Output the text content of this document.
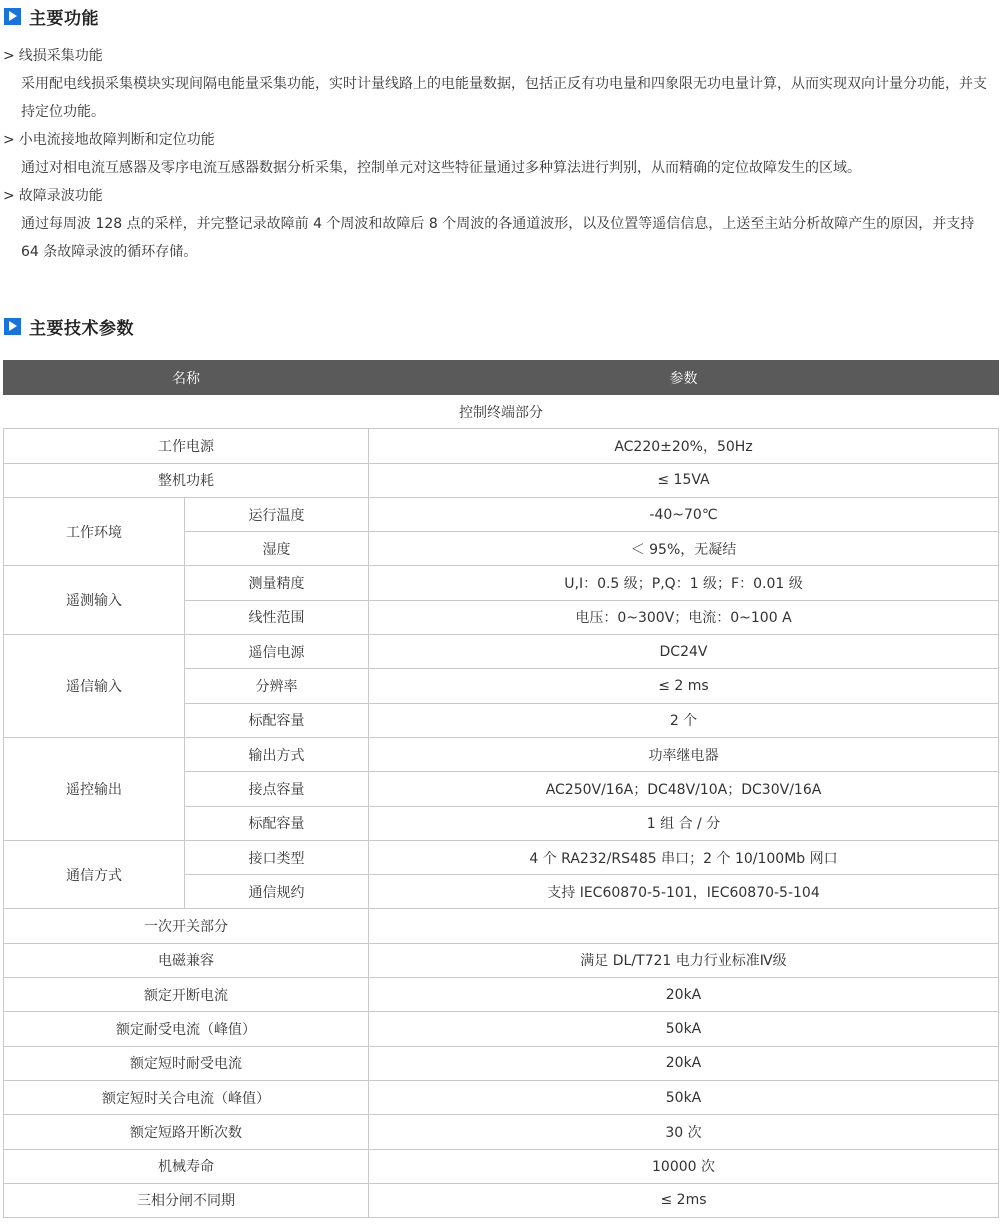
主要功能
> 线损采集功能
采用配电线损采集模块实现间隔电能量采集功能，实时计量线路上的电能量数据，包括正反有功电量和四象限无功电量计算，从而实现双向计量分功能，并支持定位功能。
> 小电流接地故障判断和定位功能
通过对相电流互感器及零序电流互感器数据分析采集，控制单元对这些特征量通过多种算法进行判别，从而精确的定位故障发生的区域。
> 故障录波功能
通过每周波 128 点的采样，并完整记录故障前 4 个周波和故障后 8 个周波的各通道波形，以及位置等遥信信息，上送至主站分析故障产生的原因，并支持 64 条故障录波的循环存储。
主要技术参数
名称		参数
控制终端部分		
工作电源		AC220±20%，50Hz
整机功耗		≤ 15VA
工作环境	运行温度	-40~70℃
	湿度	＜ 95%，无凝结
遥测输入	测量精度	U,I：0.5 级；P,Q：1 级；F：0.01 级
	线性范围	电压：0~300V；电流：0~100 A
遥信输入	遥信电源	DC24V
	分辨率	≤ 2 ms
	标配容量	2 个
遥控输出	输出方式	功率继电器
	接点容量	AC250V/16A；DC48V/10A；DC30V/16A
	标配容量	1 组 合 / 分
通信方式	接口类型	4 个 RA232/RS485 串口；2 个 10/100Mb 网口
	通信规约	支持 IEC60870-5-101，IEC60870-5-104
一次开关部分		
电磁兼容		满足 DL/T721 电力行业标准Ⅳ级
额定开断电流		20kA
额定耐受电流（峰值）		50kA
额定短时耐受电流		20kA
额定短时关合电流（峰值）		50kA
额定短路开断次数		30 次
机械寿命		10000 次
三相分闸不同期		≤ 2ms
